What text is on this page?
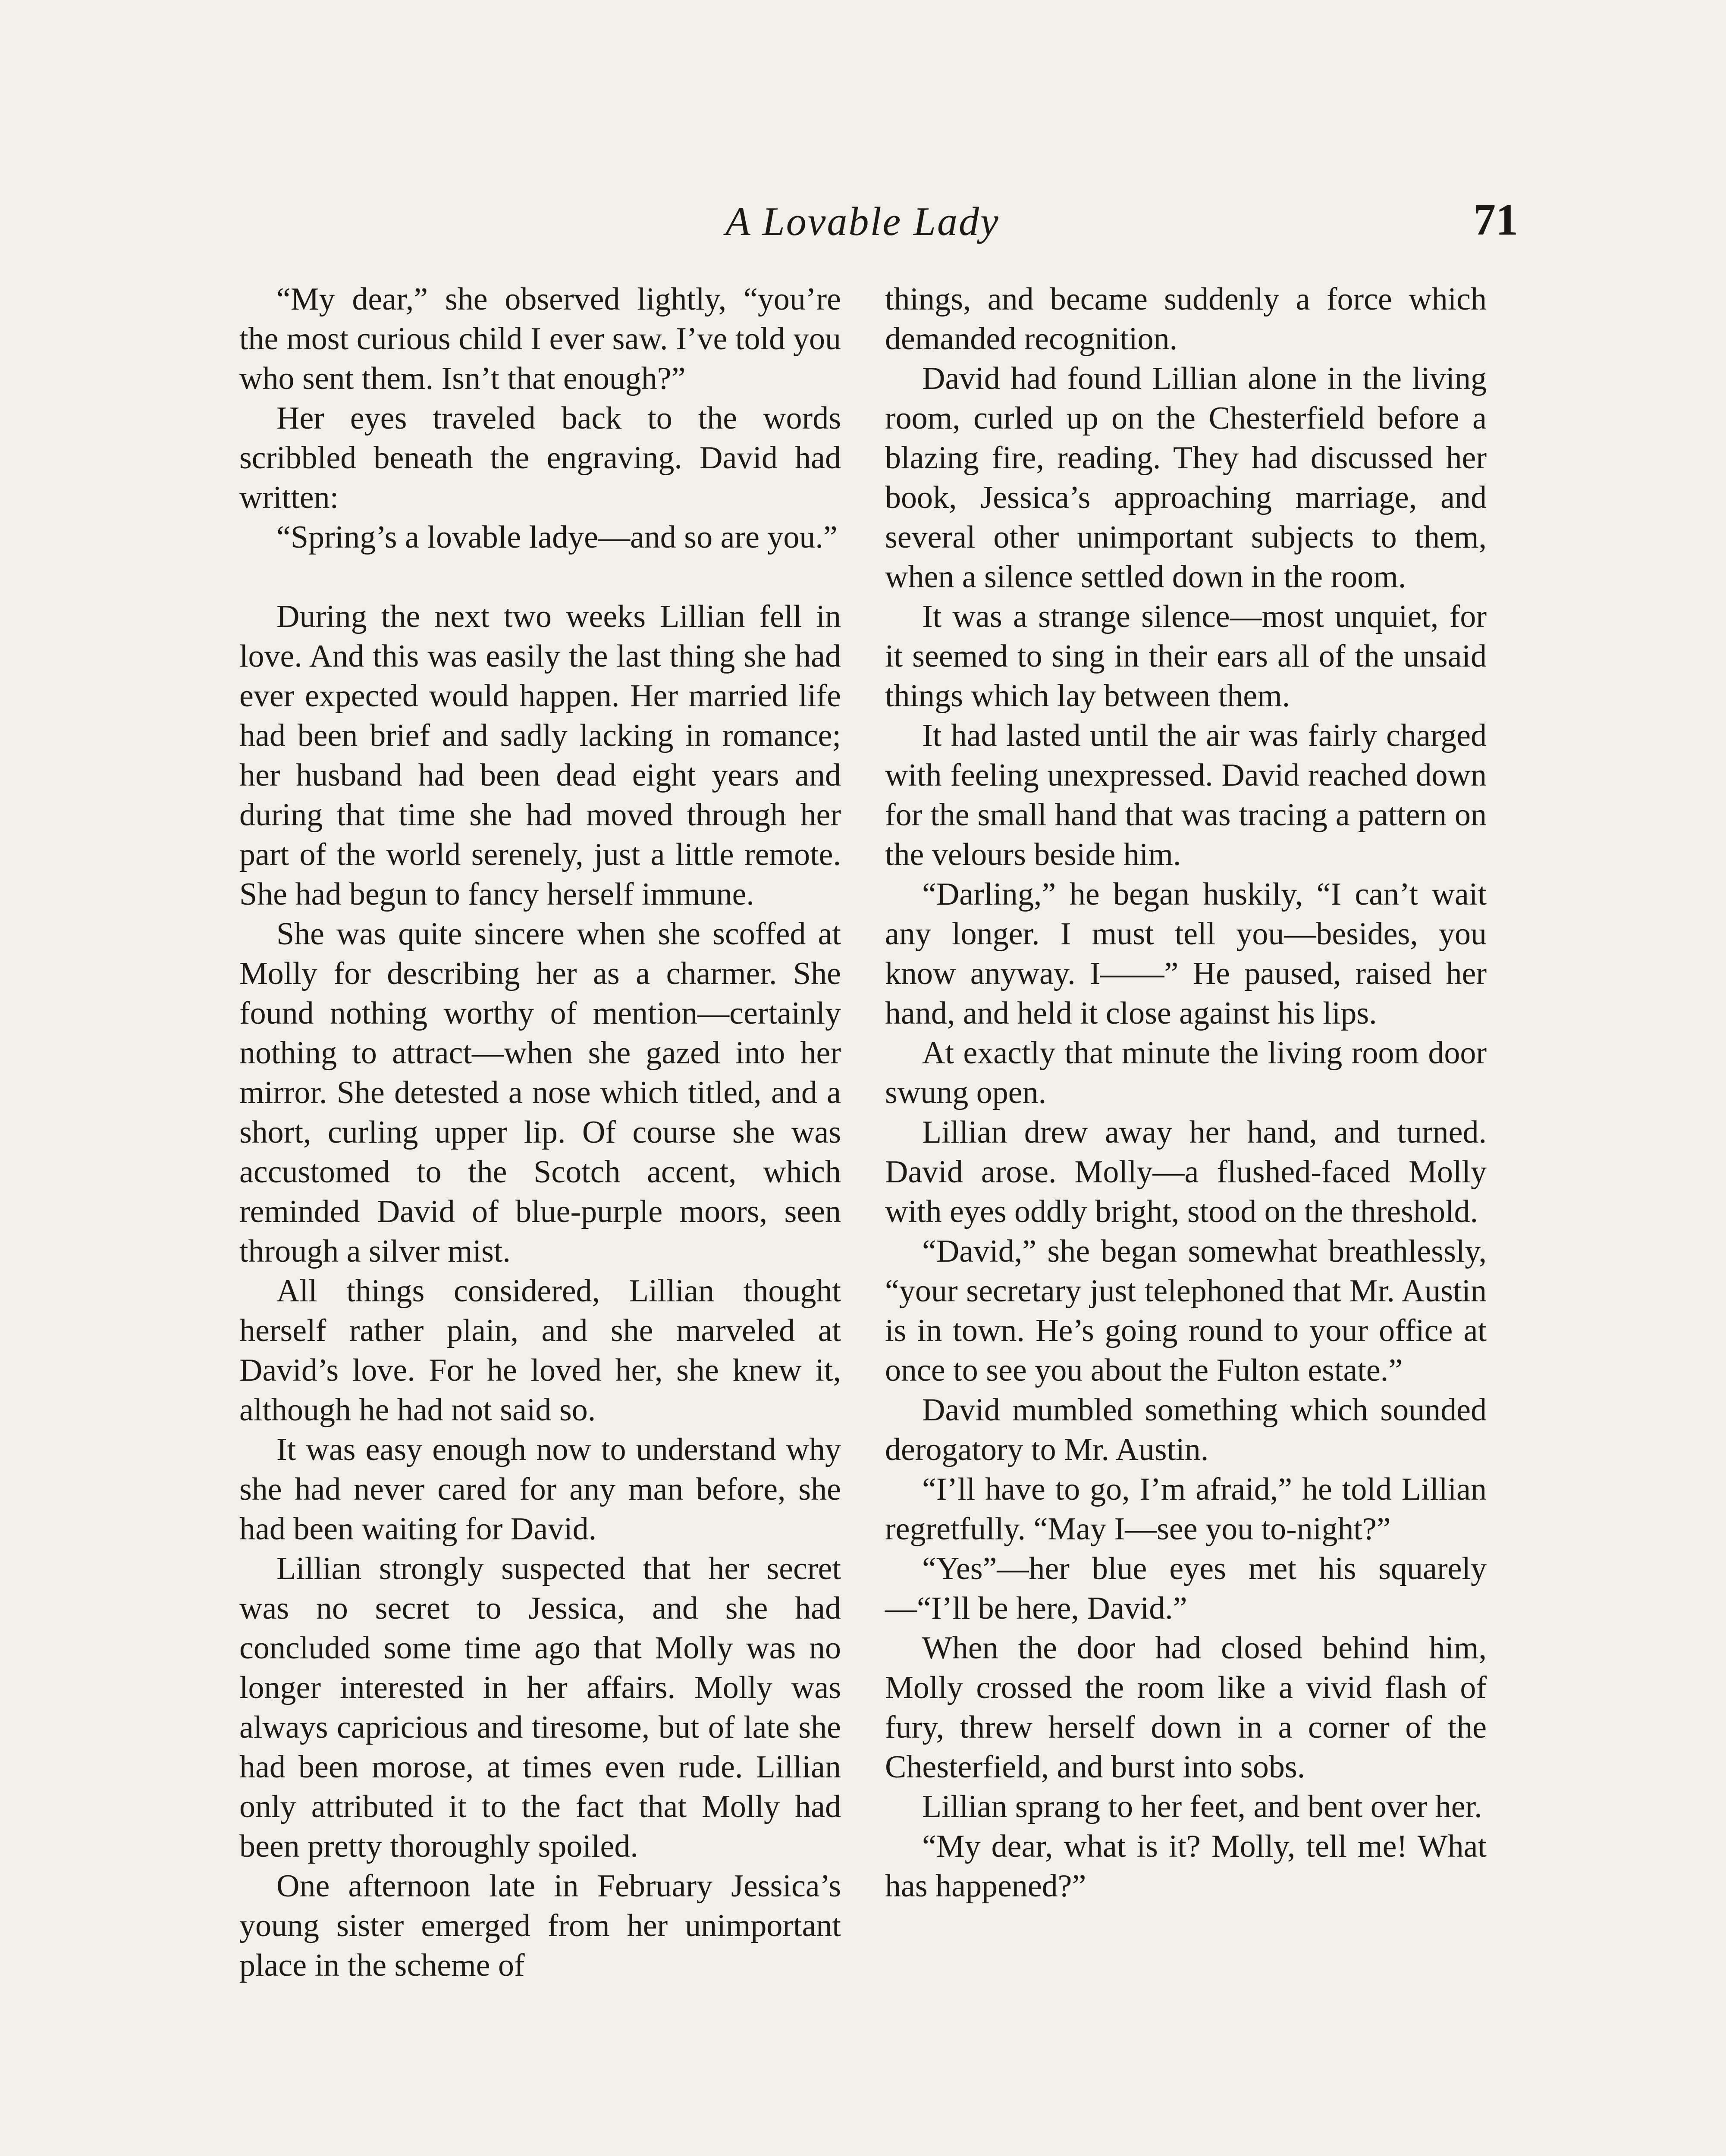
A Lovable Lady	71

“My dear,” she observed lightly, “you’re the most curious child I ever saw. I’ve told you who sent them. Isn’t that enough?”

Her eyes traveled back to the words scribbled beneath the engraving. David had written:

“Spring’s a lovable ladye—and so are you.”

During the next two weeks Lillian fell in love. And this was easily the last thing she had ever expected would happen. Her married life had been brief and sadly lacking in romance; her husband had been dead eight years and during that time she had moved through her part of the world serenely, just a little remote. She had begun to fancy herself immune.

She was quite sincere when she scoffed at Molly for describing her as a charmer. She found nothing worthy of mention—certainly nothing to attract—when she gazed into her mirror. She detested a nose which titled, and a short, curling upper lip. Of course she was accustomed to the Scotch accent, which reminded David of blue-purple moors, seen through a silver mist.

All things considered, Lillian thought herself rather plain, and she marveled at David’s love. For he loved her, she knew it, although he had not said so.

It was easy enough now to understand why she had never cared for any man before, she had been waiting for David.

Lillian strongly suspected that her secret was no secret to Jessica, and she had concluded some time ago that Molly was no longer interested in her affairs. Molly was always capricious and tiresome, but of late she had been morose, at times even rude. Lillian only attributed it to the fact that Molly had been pretty thoroughly spoiled.

One afternoon late in February Jessica’s young sister emerged from her unimportant place in the scheme of

things, and became suddenly a force which demanded recognition.

David had found Lillian alone in the living room, curled up on the Chesterfield before a blazing fire, reading. They had discussed her book, Jessica’s approaching marriage, and several other unimportant subjects to them, when a silence settled down in the room.

It was a strange silence—most unquiet, for it seemed to sing in their ears all of the unsaid things which lay between them.

It had lasted until the air was fairly charged with feeling unexpressed. David reached down for the small hand that was tracing a pattern on the velours beside him.

“Darling,” he began huskily, “I can’t wait any longer. I must tell you—besides, you know anyway. I——” He paused, raised her hand, and held it close against his lips.

At exactly that minute the living room door swung open.

Lillian drew away her hand, and turned. David arose. Molly—a flushed-faced Molly with eyes oddly bright, stood on the threshold.

“David,” she began somewhat breathlessly, “your secretary just telephoned that Mr. Austin is in town. He’s going round to your office at once to see you about the Fulton estate.”

David mumbled something which sounded derogatory to Mr. Austin.

“I’ll have to go, I’m afraid,” he told Lillian regretfully. “May I—see you to-night?”

“Yes”—her blue eyes met his squarely—“I’ll be here, David.”

When the door had closed behind him, Molly crossed the room like a vivid flash of fury, threw herself down in a corner of the Chesterfield, and burst into sobs.

Lillian sprang to her feet, and bent over her.

“My dear, what is it? Molly, tell me! What has happened?”
